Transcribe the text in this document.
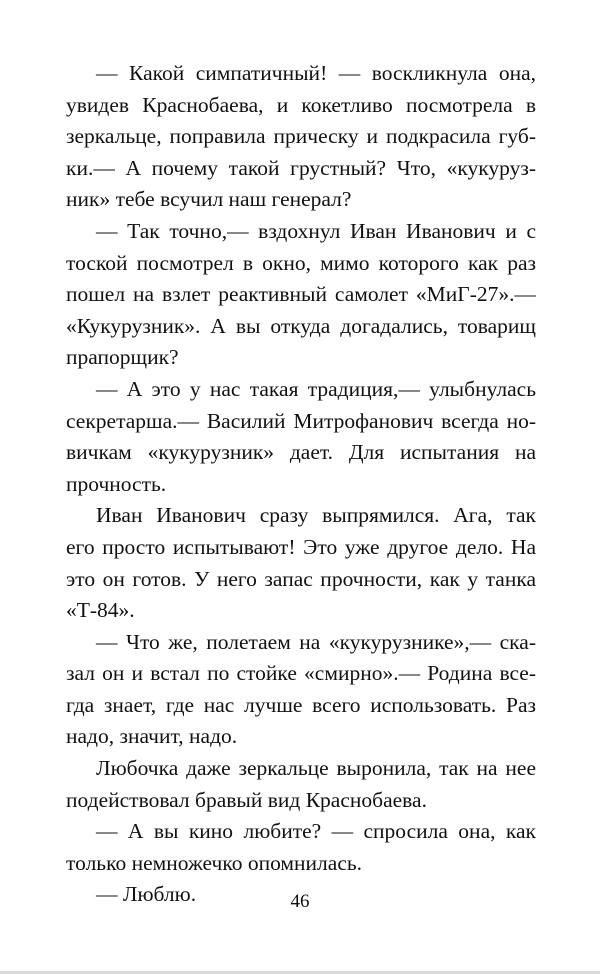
— Какой симпатичный! — воскликнула она,
увидев Краснобаева, и кокетливо посмотрела в
зеркальце, поправила прическу и подкрасила губ-
ки.— А почему такой грустный? Что, «кукуруз-
ник» тебе всучил наш генерал?
— Так точно,— вздохнул Иван Иванович и с
тоской посмотрел в окно, мимо которого как раз
пошел на взлет реактивный самолет «МиГ-27».—
«Кукурузник». А вы откуда догадались, товарищ
прапорщик?
— А это у нас такая традиция,— улыбнулась
секретарша.— Василий Митрофанович всегда но-
вичкам «кукурузник» дает. Для испытания на
прочность.
Иван Иванович сразу выпрямился. Ага, так
его просто испытывают! Это уже другое дело. На
это он готов. У него запас прочности, как у танка
«Т-84».
— Что же, полетаем на «кукурузнике»,— ска-
зал он и встал по стойке «смирно».— Родина все-
гда знает, где нас лучше всего использовать. Раз
надо, значит, надо.
Любочка даже зеркальце выронила, так на нее
подействовал бравый вид Краснобаева.
— А вы кино любите? — спросила она, как
только немножечко опомнилась.
— Люблю.	46
